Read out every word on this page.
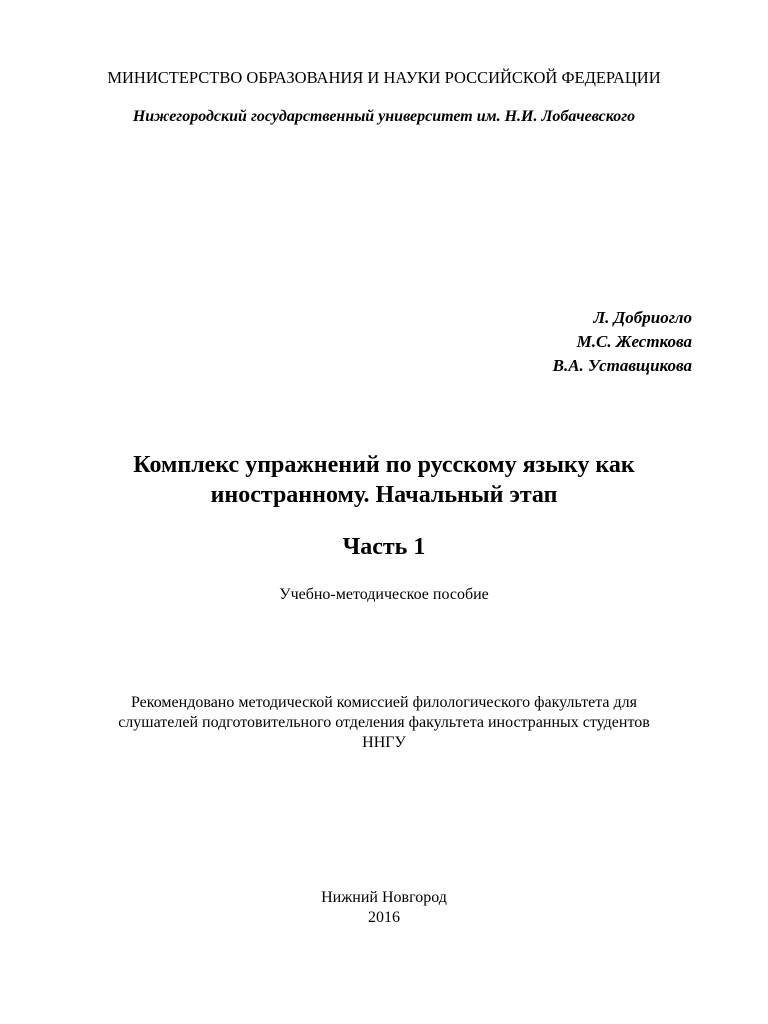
МИНИСТЕРСТВО ОБРАЗОВАНИЯ И НАУКИ РОССИЙСКОЙ ФЕДЕРАЦИИ
Нижегородский государственный университет им. Н.И. Лобачевского
Л. Добриогло
М.С. Жесткова
В.А. Уставщикова
Комплекс упражнений по русскому языку как
иностранному. Начальный этап
Часть 1
Учебно-методическое пособие
Рекомендовано методической комиссией филологического факультета для
слушателей подготовительного отделения факультета иностранных студентов
ННГУ
Нижний Новгород
2016
